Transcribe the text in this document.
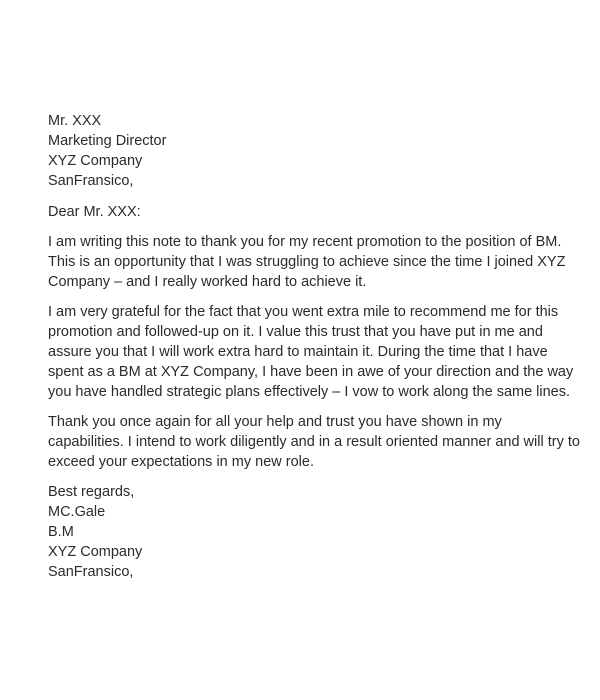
Mr. XXX
Marketing Director
XYZ Company
SanFransico,
Dear Mr. XXX:
I am writing this note to thank you for my recent promotion to the position of BM.
This is an opportunity that I was struggling to achieve since the time I joined XYZ
Company – and I really worked hard to achieve it.
I am very grateful for the fact that you went extra mile to recommend me for this
promotion and followed-up on it. I value this trust that you have put in me and
assure you that I will work extra hard to maintain it. During the time that I have
spent as a BM at XYZ Company, I have been in awe of your direction and the way
you have handled strategic plans effectively – I vow to work along the same lines.
Thank you once again for all your help and trust you have shown in my
capabilities. I intend to work diligently and in a result oriented manner and will try to
exceed your expectations in my new role.
Best regards,
MC.Gale
B.M
XYZ Company
SanFransico,
